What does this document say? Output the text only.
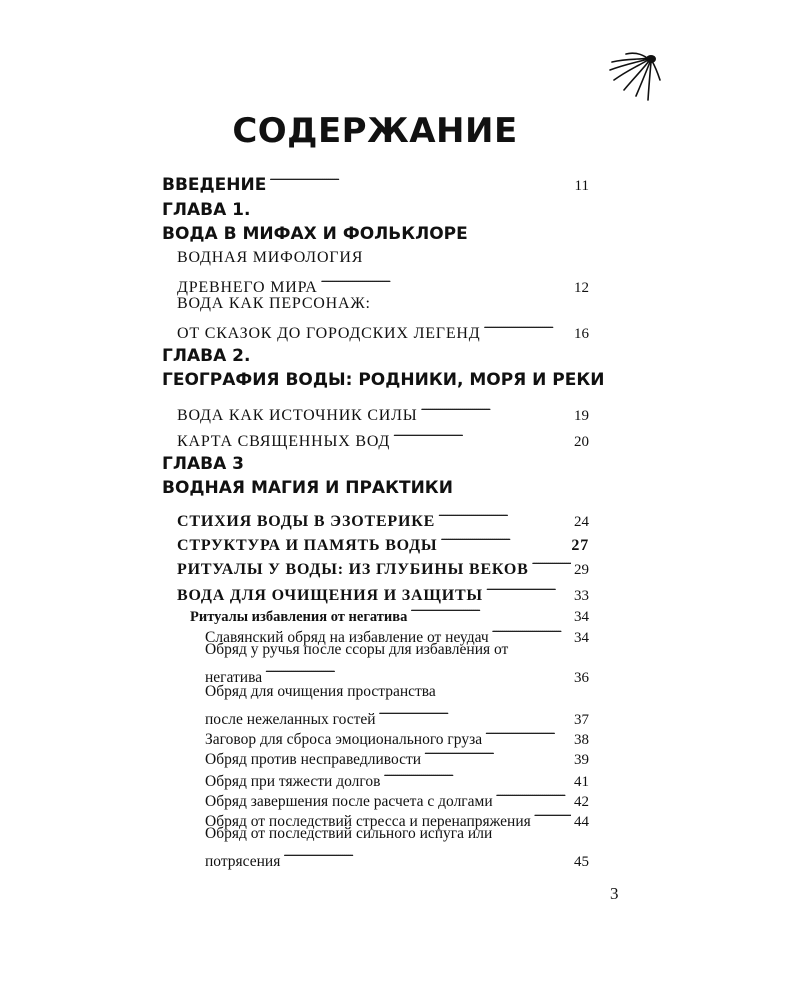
СОДЕРЖАНИЕ
ВВЕДЕНИЕ . . .	11
ГЛАВА 1.
ВОДА В МИФАХ И ФОЛЬКЛОРЕ
ВОДНАЯ МИФОЛОГИЯ
ДРЕВНЕГО МИРА . . .	12
ВОДА КАК ПЕРСОНАЖ:
ОТ СКАЗОК ДО ГОРОДСКИХ ЛЕГЕНД . . .	16
ГЛАВА 2.
ГЕОГРАФИЯ ВОДЫ: РОДНИКИ, МОРЯ И РЕКИ
ВОДА КАК ИСТОЧНИК СИЛЫ . . .	19
КАРТА СВЯЩЕННЫХ ВОД . . .	20
ГЛАВА 3
ВОДНАЯ МАГИЯ И ПРАКТИКИ
СТИХИЯ ВОДЫ В ЭЗОТЕРИКЕ . . .	24
СТРУКТУРА И ПАМЯТЬ ВОДЫ . . .	27
РИТУАЛЫ У ВОДЫ: ИЗ ГЛУБИНЫ ВЕКОВ . . .	29
ВОДА ДЛЯ ОЧИЩЕНИЯ И ЗАЩИТЫ . . .	33
Ритуалы избавления от негатива . . .	34
Славянский обряд на избавление от неудач . . .	34
Обряд у ручья после ссоры для избавления от
негатива . . .	36
Обряд для очищения пространства
после нежеланных гостей . . .	37
Заговор для сброса эмоционального груза . . .	38
Обряд против несправедливости . . .	39
Обряд при тяжести долгов . . .	41
Обряд завершения после расчета с долгами . . .	42
Обряд от последствий стресса и перенапряжения . . .	44
Обряд от последствий сильного испуга или
потрясения . . .	45
3
